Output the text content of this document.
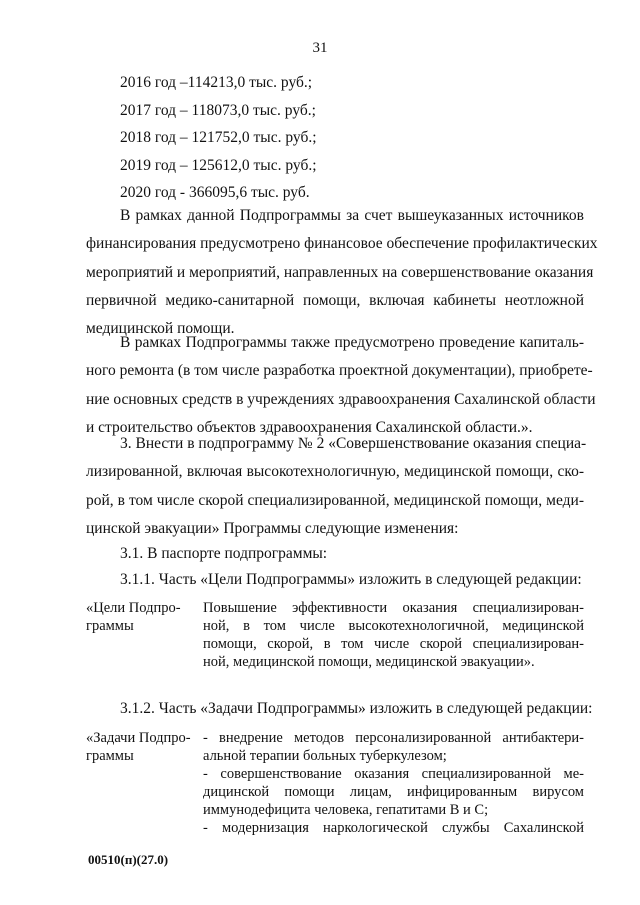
31
2016 год –114213,0 тыс. руб.;
2017 год – 118073,0 тыс. руб.;
2018 год – 121752,0 тыс. руб.;
2019 год – 125612,0 тыс. руб.;
2020 год - 366095,6 тыс. руб.
В рамках данной Подпрограммы за счет вышеуказанных источников
финансирования предусмотрено финансовое обеспечение профилактических
мероприятий и мероприятий, направленных на совершенствование оказания
первичной медико-санитарной помощи, включая кабинеты неотложной
медицинской помощи.
В рамках Подпрограммы также предусмотрено проведение капиталь-
ного ремонта (в том числе разработка проектной документации), приобрете-
ние основных средств в учреждениях здравоохранения Сахалинской области
и строительство объектов здравоохранения Сахалинской области.».
3. Внести в подпрограмму № 2 «Совершенствование оказания специа-
лизированной, включая высокотехнологичную, медицинской помощи, ско-
рой, в том числе скорой специализированной, медицинской помощи, меди-
цинской эвакуации» Программы следующие изменения:
3.1. В паспорте подпрограммы:
3.1.1. Часть «Цели Подпрограммы» изложить в следующей редакции:
«Цели Подпро-
граммы
Повышение эффективности оказания специализирован-
ной, в том числе высокотехнологичной, медицинской
помощи, скорой, в том числе скорой специализирован-
ной, медицинской помощи, медицинской эвакуации».
3.1.2. Часть «Задачи Подпрограммы» изложить в следующей редакции:
«Задачи Подпро-
граммы
- внедрение методов персонализированной антибактери-
альной терапии больных туберкулезом;
- совершенствование оказания специализированной ме-
дицинской помощи лицам, инфицированным вирусом
иммунодефицита человека, гепатитами В и С;
- модернизация наркологической службы Сахалинской
00510(п)(27.0)
